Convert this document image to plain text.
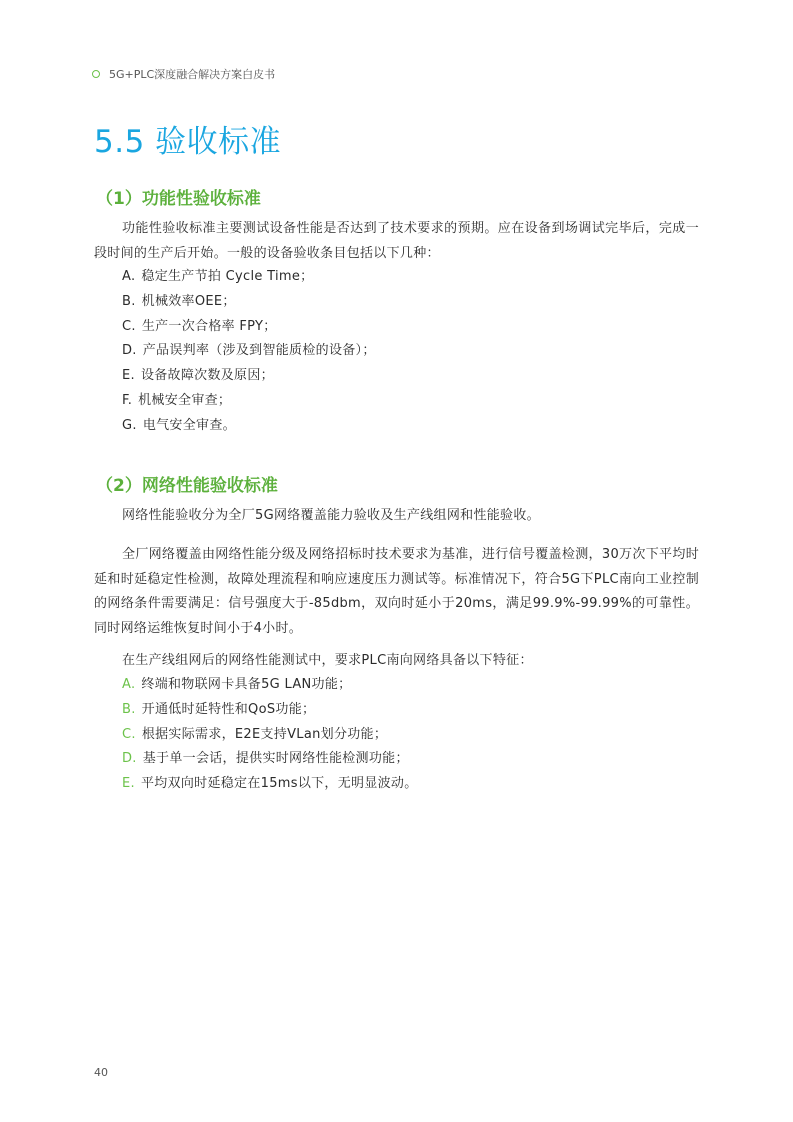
5G+PLC深度融合解决方案白皮书
5.5 验收标准
（1）功能性验收标准

功能性验收标准主要测试设备性能是否达到了技术要求的预期。应在设备到场调试完毕后，完成一段时间的生产后开始。一般的设备验收条目包括以下几种：

A. 稳定生产节拍 Cycle Time；
B. 机械效率OEE；
C. 生产一次合格率 FPY；
D. 产品误判率（涉及到智能质检的设备）；
E. 设备故障次数及原因；
F. 机械安全审查；
G. 电气安全审查。
（2）网络性能验收标准

网络性能验收分为全厂5G网络覆盖能力验收及生产线组网和性能验收。

全厂网络覆盖由网络性能分级及网络招标时技术要求为基准，进行信号覆盖检测，30万次下平均时延和时延稳定性检测，故障处理流程和响应速度压力测试等。标准情况下，符合5G下PLC南向工业控制的网络条件需要满足：信号强度大于-85dbm，双向时延小于20ms，满足99.9%-99.99%的可靠性。同时网络运维恢复时间小于4小时。

在生产线组网后的网络性能测试中，要求PLC南向网络具备以下特征：

A. 终端和物联网卡具备5G LAN功能；
B. 开通低时延特性和QoS功能；
C. 根据实际需求，E2E支持VLan划分功能；
D. 基于单一会话，提供实时网络性能检测功能；
E. 平均双向时延稳定在15ms以下，无明显波动。
40
